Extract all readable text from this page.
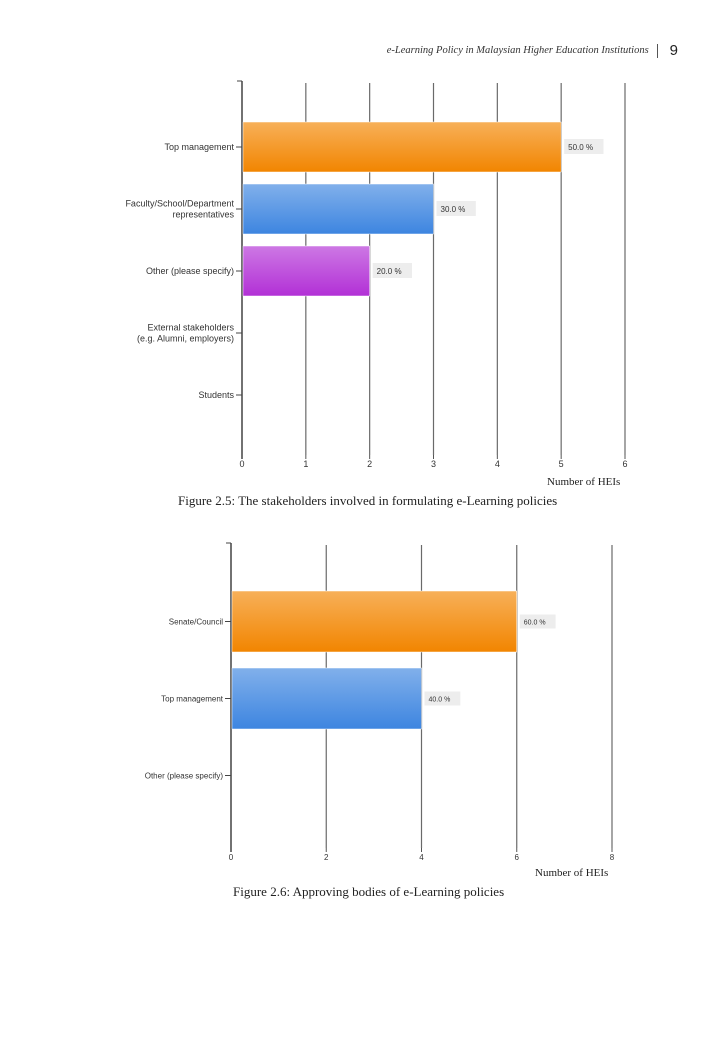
e-Learning Policy in Malaysian Higher Education Institutions 9
0	1	2	3	4	5	6
Top management	50.0 %
Faculty/School/Department representatives	30.0 %
Other (please specify)	20.0 %
External stakeholders (e.g. Alumni, employers)
Students
Number of HEIs
Figure 2.5: The stakeholders involved in formulating e-Learning policies
0	2	4	6	8
Senate/Council	60.0 %
Top management	40.0 %
Other (please specify)
Number of HEIs
Figure 2.6: Approving bodies of e-Learning policies
